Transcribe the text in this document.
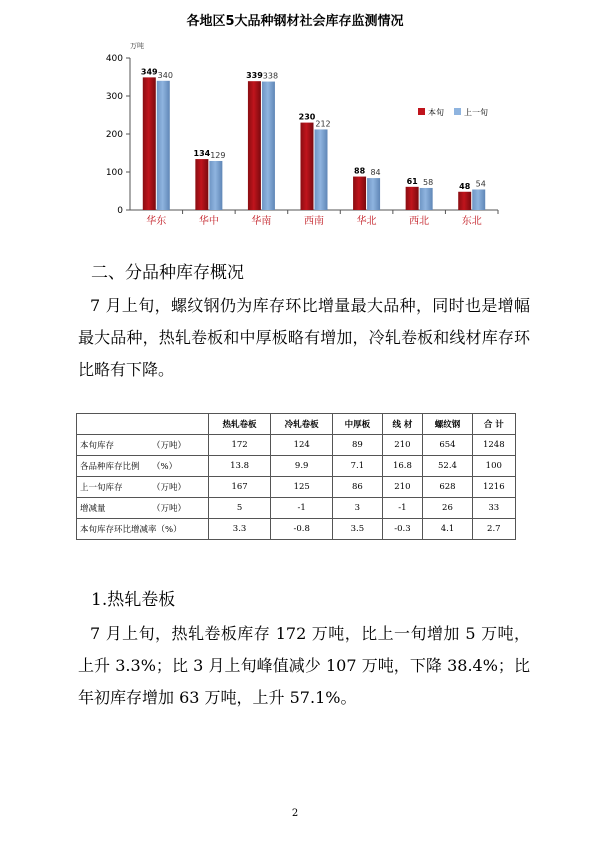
各地区5大品种钢材社会库存监测情况
万吨
0
100
200
300
400
349 340
华东
134 129
华中
339 338
华南
230
212
西南
88 84
华北
61 58
西北
48 54
东北
本旬	上一旬
二、分品种库存概况
7 月上旬，螺纹钢仍为库存环比增量最大品种，同时也是增幅最大品种，热轧卷板和中厚板略有增加，冷轧卷板和线材库存环比略有下降。
	热轧卷板	冷轧卷板	中厚板	线 材	螺纹钢	合 计
本旬库存 （万吨）	172	124	89	210	654	1248
各品种库存比例 （%）	13.8	9.9	7.1	16.8	52.4	100
上一旬库存 （万吨）	167	125	86	210	628	1216
增减量 （万吨）	5	-1	3	-1	26	33
本旬库存环比增减率（%）	3.3	-0.8	3.5	-0.3	4.1	2.7
1.热轧卷板
7 月上旬，热轧卷板库存 172 万吨，比上一旬增加 5 万吨，上升 3.3%；比 3 月上旬峰值减少 107 万吨，下降 38.4%；比年初库存增加 63 万吨，上升 57.1%。
2
